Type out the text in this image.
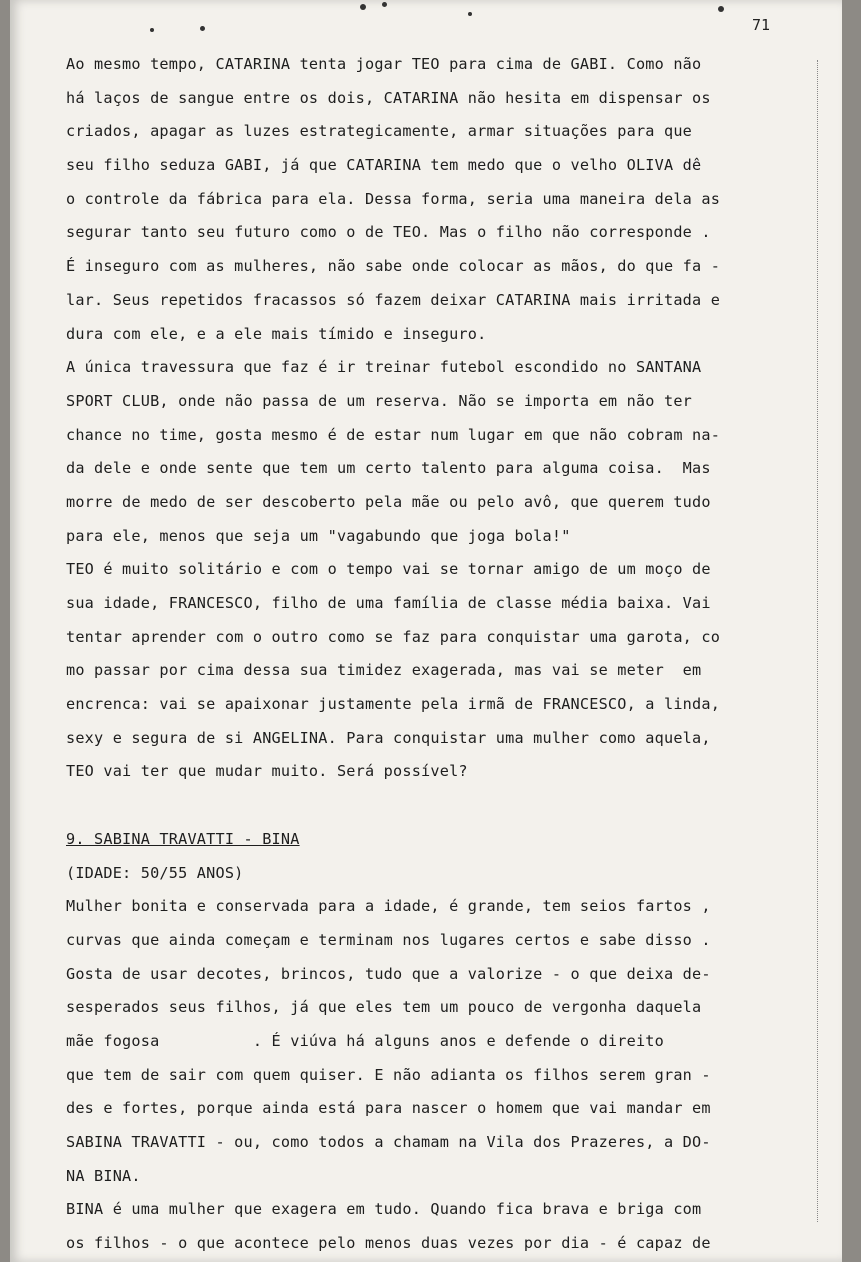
71
Ao mesmo tempo, CATARINA tenta jogar TEO para cima de GABI. Como não
há laços de sangue entre os dois, CATARINA não hesita em dispensar os
criados, apagar as luzes estrategicamente, armar situações para que
seu filho seduza GABI, já que CATARINA tem medo que o velho OLIVA dê
o controle da fábrica para ela. Dessa forma, seria uma maneira dela as
segurar tanto seu futuro como o de TEO. Mas o filho não corresponde .
É inseguro com as mulheres, não sabe onde colocar as mãos, do que fa -
lar. Seus repetidos fracassos só fazem deixar CATARINA mais irritada e
dura com ele, e a ele mais tímido e inseguro.
A única travessura que faz é ir treinar futebol escondido no SANTANA
SPORT CLUB, onde não passa de um reserva. Não se importa em não ter
chance no time, gosta mesmo é de estar num lugar em que não cobram na-
da dele e onde sente que tem um certo talento para alguma coisa.  Mas
morre de medo de ser descoberto pela mãe ou pelo avô, que querem tudo
para ele, menos que seja um "vagabundo que joga bola!"
TEO é muito solitário e com o tempo vai se tornar amigo de um moço de
sua idade, FRANCESCO, filho de uma família de classe média baixa. Vai
tentar aprender com o outro como se faz para conquistar uma garota, co
mo passar por cima dessa sua timidez exagerada, mas vai se meter  em
encrenca: vai se apaixonar justamente pela irmã de FRANCESCO, a linda,
sexy e segura de si ANGELINA. Para conquistar uma mulher como aquela,
TEO vai ter que mudar muito. Será possível?
9. SABINA TRAVATTI - BINA
(IDADE: 50/55 ANOS)
Mulher bonita e conservada para a idade, é grande, tem seios fartos ,
curvas que ainda começam e terminam nos lugares certos e sabe disso .
Gosta de usar decotes, brincos, tudo que a valorize - o que deixa de-
sesperados seus filhos, já que eles tem um pouco de vergonha daquela
mãe fogosa          . É viúva há alguns anos e defende o direito
que tem de sair com quem quiser. E não adianta os filhos serem gran -
des e fortes, porque ainda está para nascer o homem que vai mandar em
SABINA TRAVATTI - ou, como todos a chamam na Vila dos Prazeres, a DO-
NA BINA.
BINA é uma mulher que exagera em tudo. Quando fica brava e briga com
os filhos - o que acontece pelo menos duas vezes por dia - é capaz de
